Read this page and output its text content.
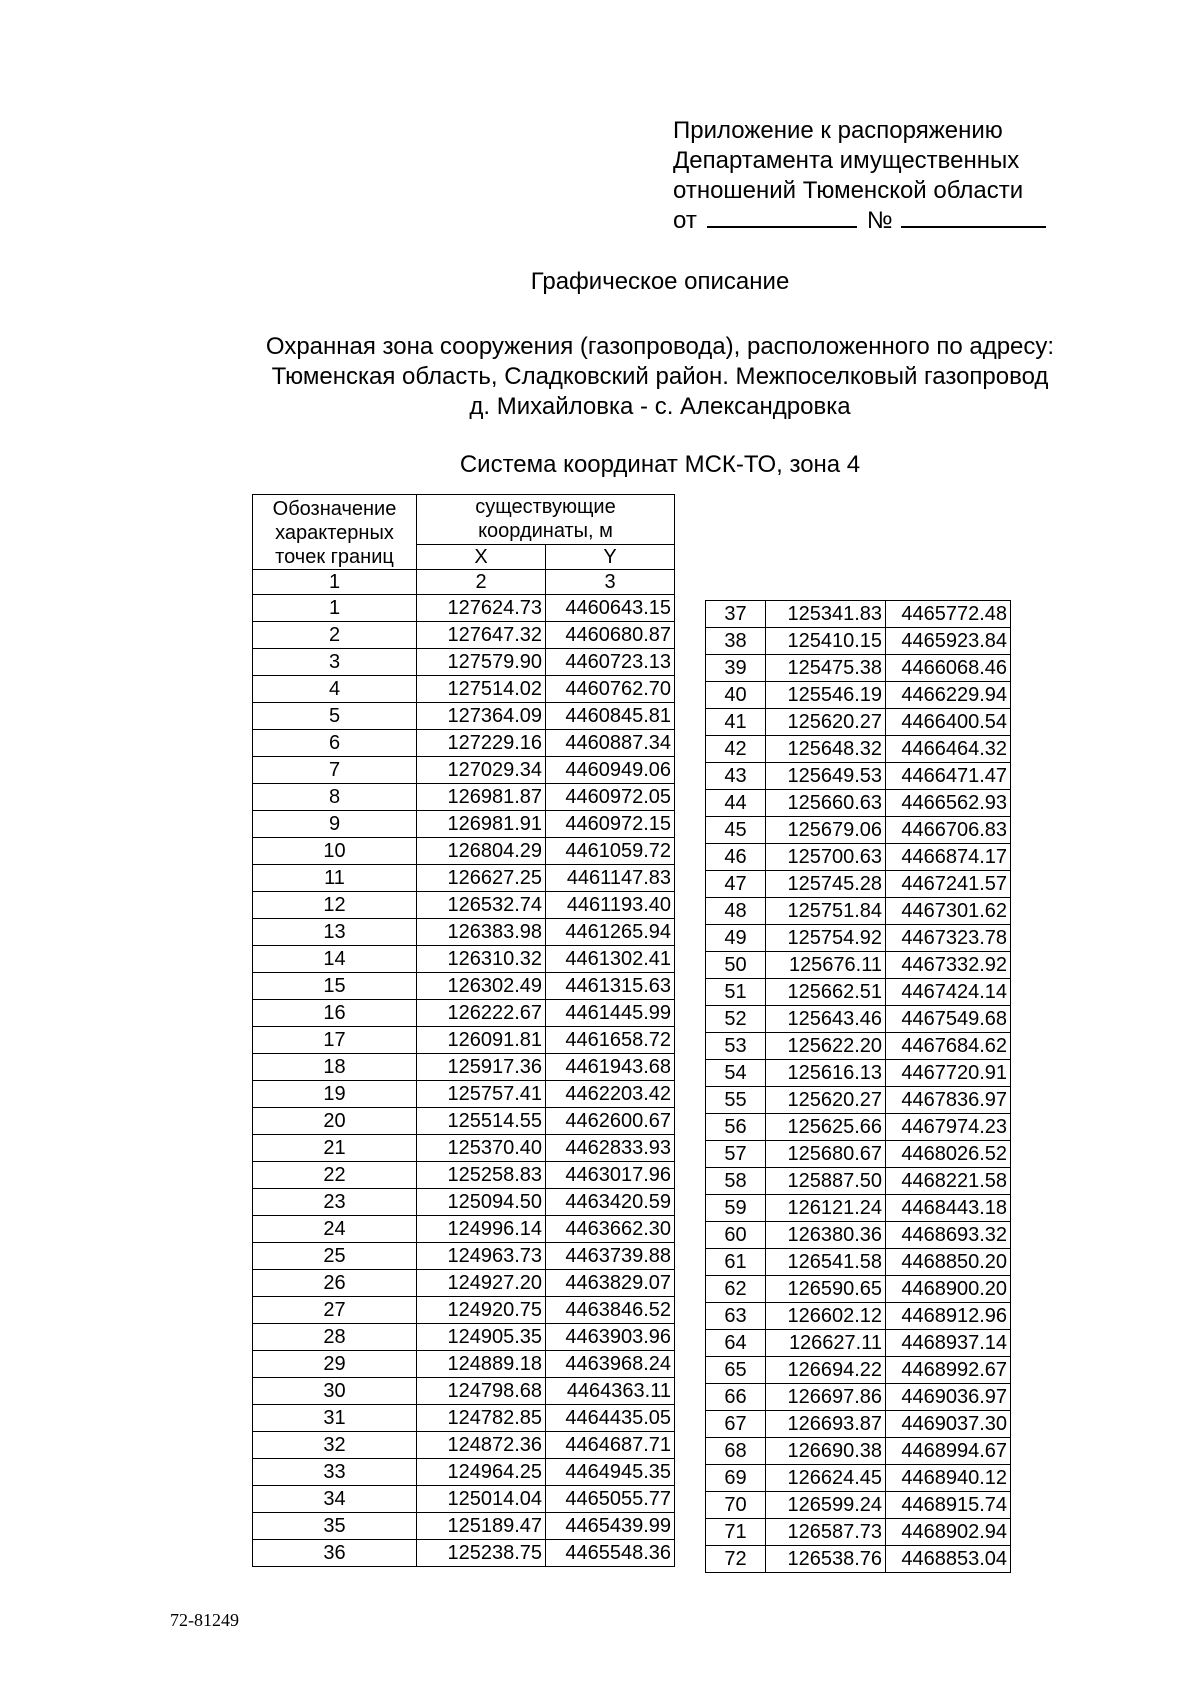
Приложение к распоряжению
Департамента имущественных
отношений Тюменской области
от	№
Графическое описание
Охранная зона сооружения (газопровода), расположенного по адресу:
Тюменская область, Сладковский район. Межпоселковый газопровод
д. Михайловка - с. Александровка
Система координат МСК-ТО, зона 4
Обозначение характерных точек границ	существующие координаты, м	
	X	Y
1	2	3
1	127624.73	4460643.15
2	127647.32	4460680.87
3	127579.90	4460723.13
4	127514.02	4460762.70
5	127364.09	4460845.81
6	127229.16	4460887.34
7	127029.34	4460949.06
8	126981.87	4460972.05
9	126981.91	4460972.15
10	126804.29	4461059.72
11	126627.25	4461147.83
12	126532.74	4461193.40
13	126383.98	4461265.94
14	126310.32	4461302.41
15	126302.49	4461315.63
16	126222.67	4461445.99
17	126091.81	4461658.72
18	125917.36	4461943.68
19	125757.41	4462203.42
20	125514.55	4462600.67
21	125370.40	4462833.93
22	125258.83	4463017.96
23	125094.50	4463420.59
24	124996.14	4463662.30
25	124963.73	4463739.88
26	124927.20	4463829.07
27	124920.75	4463846.52
28	124905.35	4463903.96
29	124889.18	4463968.24
30	124798.68	4464363.11
31	124782.85	4464435.05
32	124872.36	4464687.71
33	124964.25	4464945.35
34	125014.04	4465055.77
35	125189.47	4465439.99
36	125238.75	4465548.36
37	125341.83	4465772.48
38	125410.15	4465923.84
39	125475.38	4466068.46
40	125546.19	4466229.94
41	125620.27	4466400.54
42	125648.32	4466464.32
43	125649.53	4466471.47
44	125660.63	4466562.93
45	125679.06	4466706.83
46	125700.63	4466874.17
47	125745.28	4467241.57
48	125751.84	4467301.62
49	125754.92	4467323.78
50	125676.11	4467332.92
51	125662.51	4467424.14
52	125643.46	4467549.68
53	125622.20	4467684.62
54	125616.13	4467720.91
55	125620.27	4467836.97
56	125625.66	4467974.23
57	125680.67	4468026.52
58	125887.50	4468221.58
59	126121.24	4468443.18
60	126380.36	4468693.32
61	126541.58	4468850.20
62	126590.65	4468900.20
63	126602.12	4468912.96
64	126627.11	4468937.14
65	126694.22	4468992.67
66	126697.86	4469036.97
67	126693.87	4469037.30
68	126690.38	4468994.67
69	126624.45	4468940.12
70	126599.24	4468915.74
71	126587.73	4468902.94
72	126538.76	4468853.04
72-81249
